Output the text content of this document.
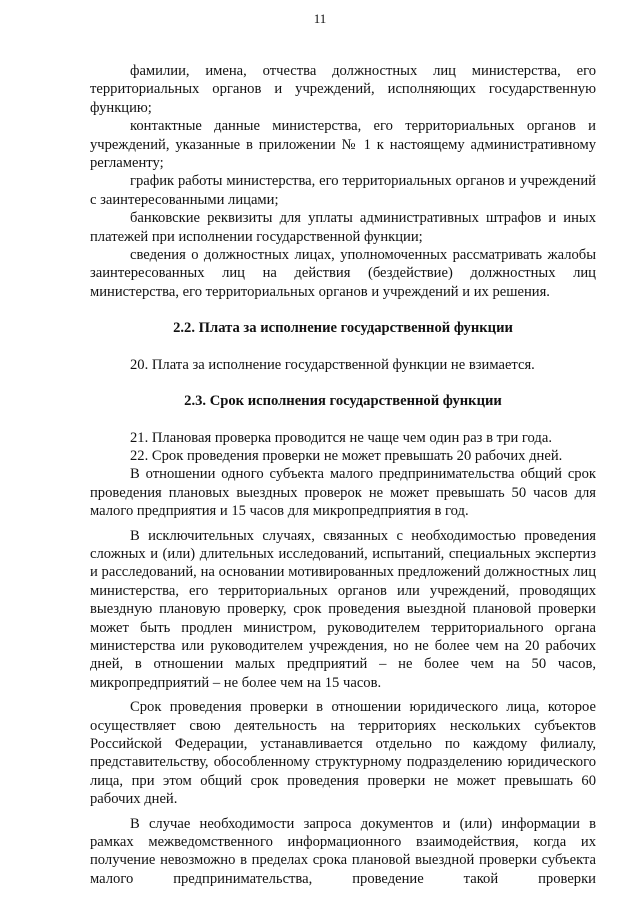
11

фамилии, имена, отчества должностных лиц министерства, его территориальных органов и учреждений, исполняющих государственную функцию;

контактные данные министерства, его территориальных органов и учреждений, указанные в приложении № 1 к настоящему административному регламенту;

график работы министерства, его территориальных органов и учреждений с заинтересованными лицами;

банковские реквизиты для уплаты административных штрафов и иных платежей при исполнении государственной функции;

сведения о должностных лицах, уполномоченных рассматривать жалобы заинтересованных лиц на действия (бездействие) должностных лиц министерства, его территориальных органов и учреждений и их решения.

2.2. Плата за исполнение государственной функции

20. Плата за исполнение государственной функции не взимается.

2.3. Срок исполнения государственной функции

21. Плановая проверка проводится не чаще чем один раз в три года.

22. Срок проведения проверки не может превышать 20 рабочих дней.

В отношении одного субъекта малого предпринимательства общий срок проведения плановых выездных проверок не может превышать 50 часов для малого предприятия и 15 часов для микропредприятия в год.

В исключительных случаях, связанных с необходимостью проведения сложных и (или) длительных исследований, испытаний, специальных экспертиз и расследований, на основании мотивированных предложений должностных лиц министерства, его территориальных органов или учреждений, проводящих выездную плановую проверку, срок проведения выездной плановой проверки может быть продлен министром, руководителем территориального органа министерства или руководителем учреждения, но не более чем на 20 рабочих дней, в отношении малых предприятий – не более чем на 50 часов, микропредприятий – не более чем на 15 часов.

Срок проведения проверки в отношении юридического лица, которое осуществляет свою деятельность на территориях нескольких субъектов Российской Федерации, устанавливается отдельно по каждому филиалу, представительству, обособленному структурному подразделению юридического лица, при этом общий срок проведения проверки не может превышать 60 рабочих дней.

В случае необходимости запроса документов и (или) информации в рамках межведомственного информационного взаимодействия, когда их получение невозможно в пределах срока плановой выездной проверки субъекта малого предпринимательства, проведение такой проверки
